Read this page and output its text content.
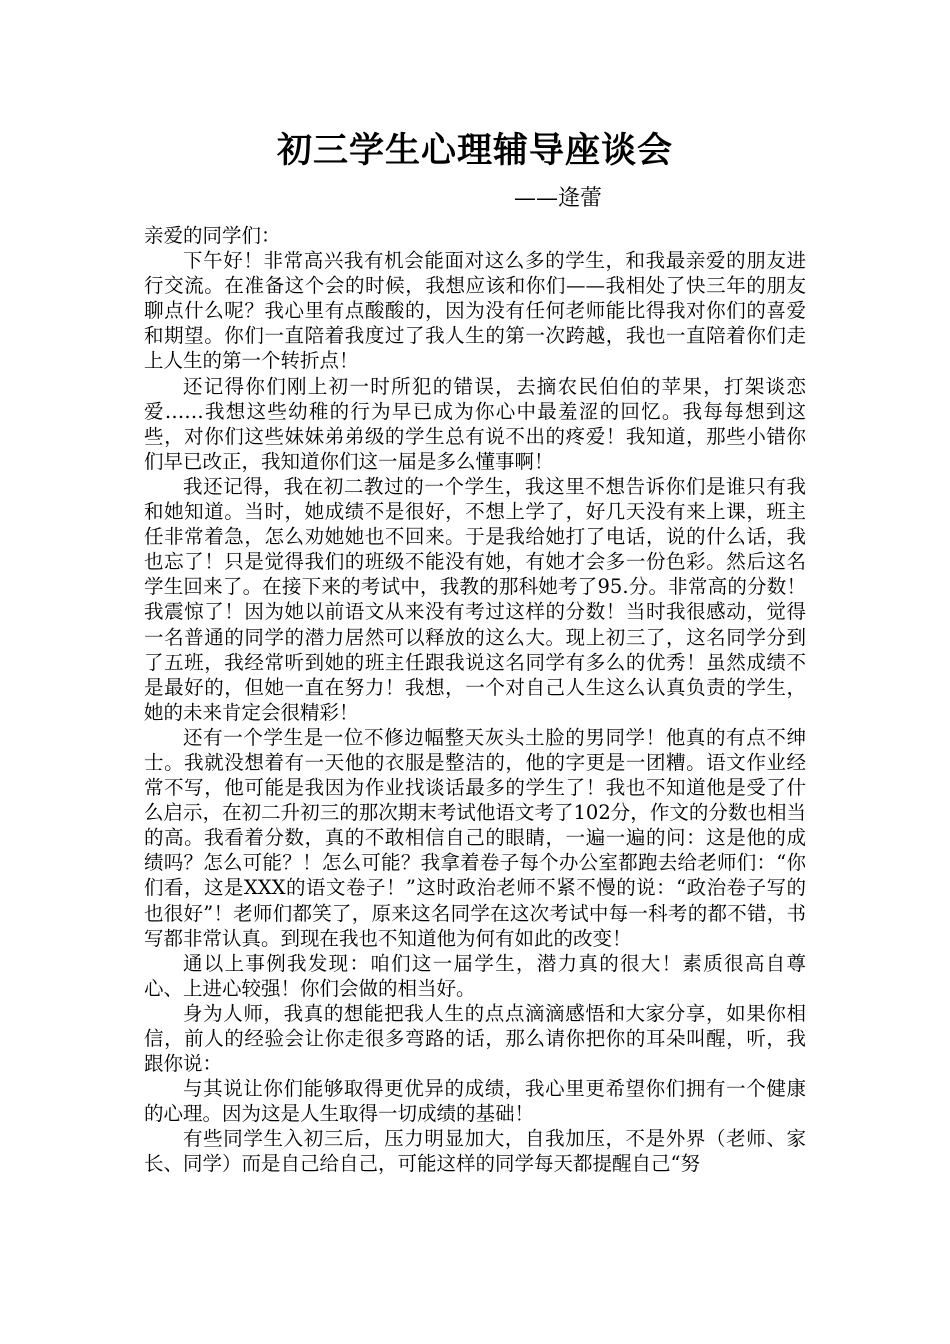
初三学生心理辅导座谈会
——逄蕾

亲爱的同学们：

下午好！非常高兴我有机会能面对这么多的学生，和我最亲爱的朋友进行交流。在准备这个会的时候，我想应该和你们——我相处了快三年的朋友聊点什么呢？我心里有点酸酸的，因为没有任何老师能比得我对你们的喜爱和期望。你们一直陪着我度过了我人生的第一次跨越，我也一直陪着你们走上人生的第一个转折点！

还记得你们刚上初一时所犯的错误，去摘农民伯伯的苹果，打架谈恋爱……我想这些幼稚的行为早已成为你心中最羞涩的回忆。我每每想到这些，对你们这些妹妹弟弟级的学生总有说不出的疼爱！我知道，那些小错你们早已改正，我知道你们这一届是多么懂事啊！

我还记得，我在初二教过的一个学生，我这里不想告诉你们是谁只有我和她知道。当时，她成绩不是很好，不想上学了，好几天没有来上课，班主任非常着急，怎么劝她她也不回来。于是我给她打了电话，说的什么话，我也忘了！只是觉得我们的班级不能没有她，有她才会多一份色彩。然后这名学生回来了。在接下来的考试中，我教的那科她考了95.分。非常高的分数！我震惊了！因为她以前语文从来没有考过这样的分数！当时我很感动，觉得一名普通的同学的潜力居然可以释放的这么大。现上初三了，这名同学分到了五班，我经常听到她的班主任跟我说这名同学有多么的优秀！虽然成绩不是最好的，但她一直在努力！我想，一个对自己人生这么认真负责的学生，她的未来肯定会很精彩！

还有一个学生是一位不修边幅整天灰头土脸的男同学！他真的有点不绅士。我就没想着有一天他的衣服是整洁的，他的字更是一团糟。语文作业经常不写，他可能是我因为作业找谈话最多的学生了！我也不知道他是受了什么启示，在初二升初三的那次期末考试他语文考了102分，作文的分数也相当的高。我看着分数，真的不敢相信自己的眼睛，一遍一遍的问：这是他的成绩吗？怎么可能？！怎么可能？我拿着卷子每个办公室都跑去给老师们：“你们看，这是XXX的语文卷子！”这时政治老师不紧不慢的说：“政治卷子写的也很好”！老师们都笑了，原来这名同学在这次考试中每一科考的都不错，书写都非常认真。到现在我也不知道他为何有如此的改变！

通以上事例我发现：咱们这一届学生，潜力真的很大！素质很高自尊心、上进心较强！你们会做的相当好。

身为人师，我真的想能把我人生的点点滴滴感悟和大家分享，如果你相信，前人的经验会让你走很多弯路的话，那么请你把你的耳朵叫醒，听，我跟你说：

与其说让你们能够取得更优异的成绩，我心里更希望你们拥有一个健康的心理。因为这是人生取得一切成绩的基础！

有些同学生入初三后，压力明显加大，自我加压，不是外界（老师、家长、同学）而是自己给自己，可能这样的同学每天都提醒自己“努
